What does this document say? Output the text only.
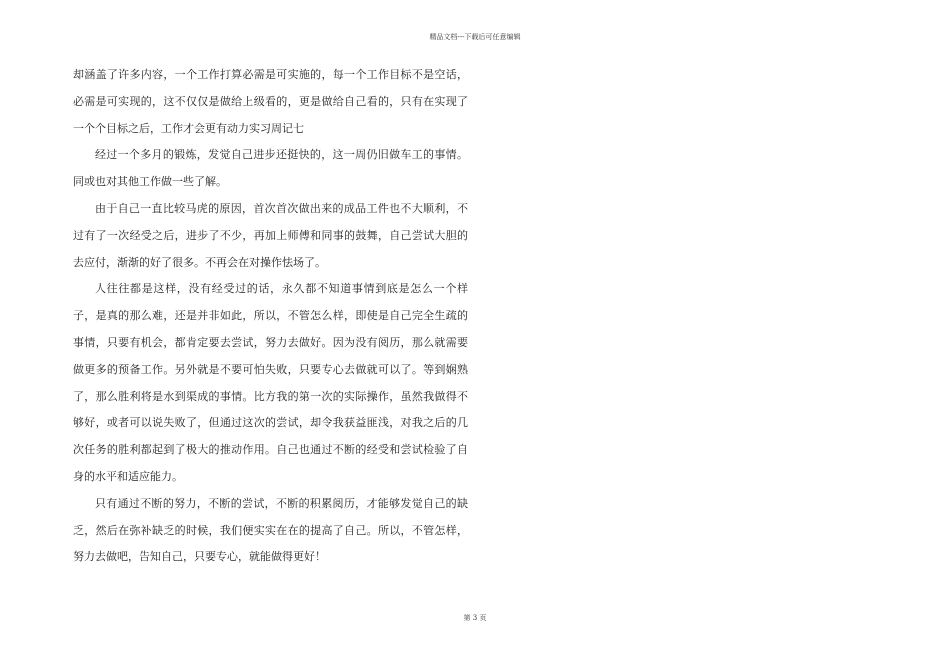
精品文档---下载后可任意编辑

却涵盖了许多内容，一个工作打算必需是可实施的，每一个工作目标不是空话，必需是可实现的，这不仅仅是做给上级看的，更是做给自己看的，只有在实现了一个个目标之后，工作才会更有动力实习周记七

经过一个多月的锻炼，发觉自己进步还挺快的，这一周仍旧做车工的事情。同或也对其他工作做一些了解。

由于自己一直比较马虎的原因，首次首次做出来的成品工件也不大顺利，不过有了一次经受之后，进步了不少，再加上师傅和同事的鼓舞，自己尝试大胆的去应付，渐渐的好了很多。不再会在对操作怯场了。

人往往都是这样，没有经受过的话，永久都不知道事情到底是怎么一个样子，是真的那么难，还是并非如此，所以，不管怎么样，即使是自己完全生疏的事情，只要有机会，都肯定要去尝试，努力去做好。因为没有阅历，那么就需要做更多的预备工作。另外就是不要可怕失败，只要专心去做就可以了。等到娴熟了，那么胜利将是水到渠成的事情。比方我的第一次的实际操作，虽然我做得不够好，或者可以说失败了，但通过这次的尝试，却令我获益匪浅，对我之后的几次任务的胜利都起到了极大的推动作用。自己也通过不断的经受和尝试检验了自身的水平和适应能力。

只有通过不断的努力，不断的尝试，不断的积累阅历，才能够发觉自己的缺乏，然后在弥补缺乏的时候，我们便实实在在的提高了自己。所以，不管怎样，努力去做吧，告知自己，只要专心，就能做得更好！

第 3 页
